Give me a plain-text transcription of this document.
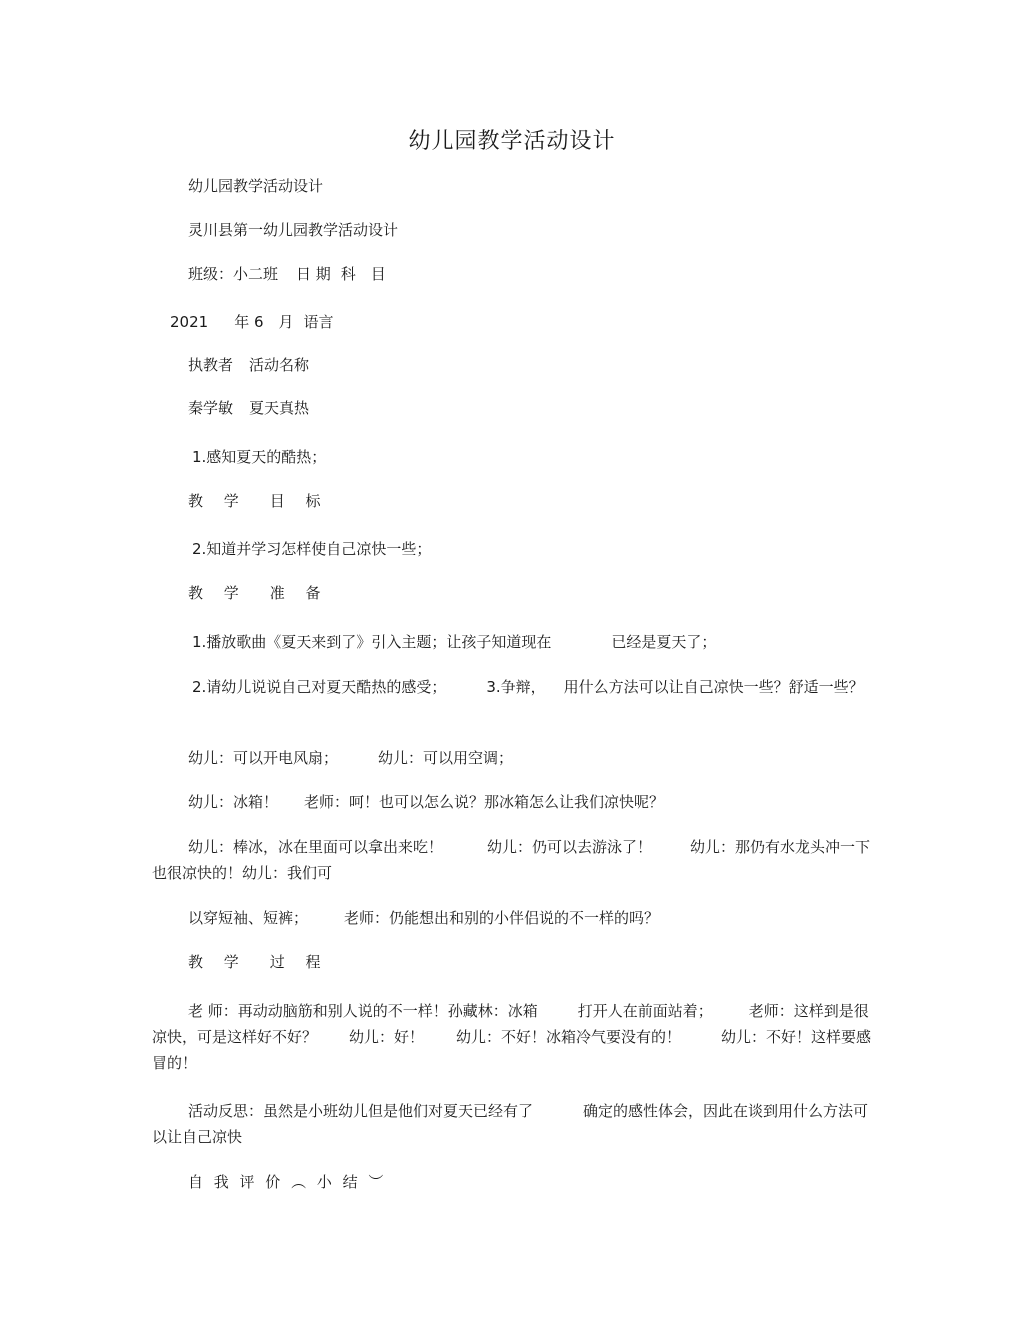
幼儿园教学活动设计
幼儿园教学活动设计
灵川县第一幼儿园教学活动设计
班级：小二班 日 期 科　目
2021 年 6　月 语言
执教者 活动名称
秦学敏 夏天真热
1.感知夏天的酷热；
教 学　目 标
2.知道并学习怎样使自己凉快一些；
教 学　准 备
1.播放歌曲《夏天来到了》引入主题；让孩子知道现在	已经是夏天了；
2.请幼儿说说自己对夏天酷热的感受；	3.争辩， 用什么方法可以让自己凉快一些？舒适一些？
幼儿：可以开电风扇；	幼儿：可以用空调；
幼儿：冰箱！ 老师：呵！也可以怎么说？那冰箱怎么让我们凉快呢？
幼儿：棒冰，冰在里面可以拿出来吃！	幼儿：仍可以去游泳了！	幼儿：那仍有水龙头冲一下也很凉快的！幼儿：我们可
以穿短袖、短裤； 老师：仍能想出和别的小伴侣说的不一样的吗？
教 学　过 程
老 师：再动动脑筋和别人说的不一样！孙藏林：冰箱	打开人在前面站着； 老师：这样到是很凉快，可是这样好不好？ 幼儿：好！ 幼儿：不好！冰箱冷气要没有的！	幼儿：不好！这样要感冒的！
活动反思：虽然是小班幼儿但是他们对夏天已经有了	确定的感性体会，因此在谈到用什么方法可以让自己凉快
自 我 评 价 ︵ 小 结 ︶
